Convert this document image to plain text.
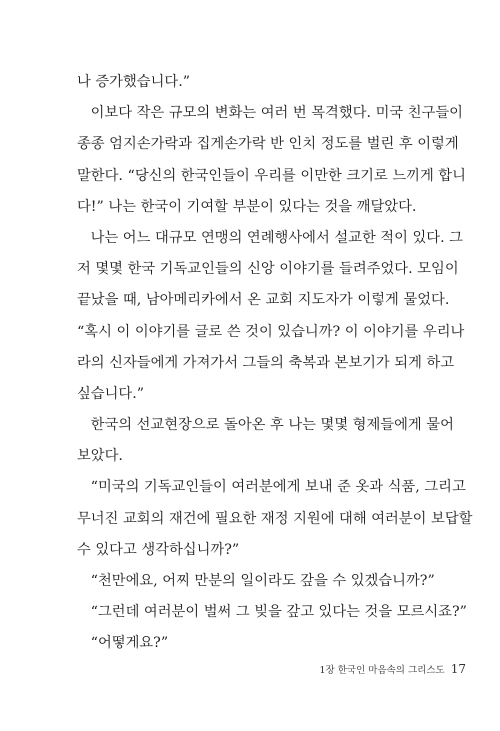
나 증가했습니다.”
이보다 작은 규모의 변화는 여러 번 목격했다. 미국 친구들이
종종 엄지손가락과 집게손가락 반 인치 정도를 벌린 후 이렇게
말한다. “당신의 한국인들이 우리를 이만한 크기로 느끼게 합니
다!” 나는 한국이 기여할 부분이 있다는 것을 깨달았다.
나는 어느 대규모 연맹의 연례행사에서 설교한 적이 있다. 그
저 몇몇 한국 기독교인들의 신앙 이야기를 들려주었다. 모임이
끝났을 때, 남아메리카에서 온 교회 지도자가 이렇게 물었다.
“혹시 이 이야기를 글로 쓴 것이 있습니까? 이 이야기를 우리나
라의 신자들에게 가져가서 그들의 축복과 본보기가 되게 하고
싶습니다.”
한국의 선교현장으로 돌아온 후 나는 몇몇 형제들에게 물어
보았다.
“미국의 기독교인들이 여러분에게 보내 준 옷과 식품, 그리고
무너진 교회의 재건에 필요한 재정 지원에 대해 여러분이 보답할
수 있다고 생각하십니까?”
“천만에요, 어찌 만분의 일이라도 갚을 수 있겠습니까?”
“그런데 여러분이 벌써 그 빚을 갚고 있다는 것을 모르시죠?”
“어떻게요?”
1장 한국인 마음속의 그리스도 17
